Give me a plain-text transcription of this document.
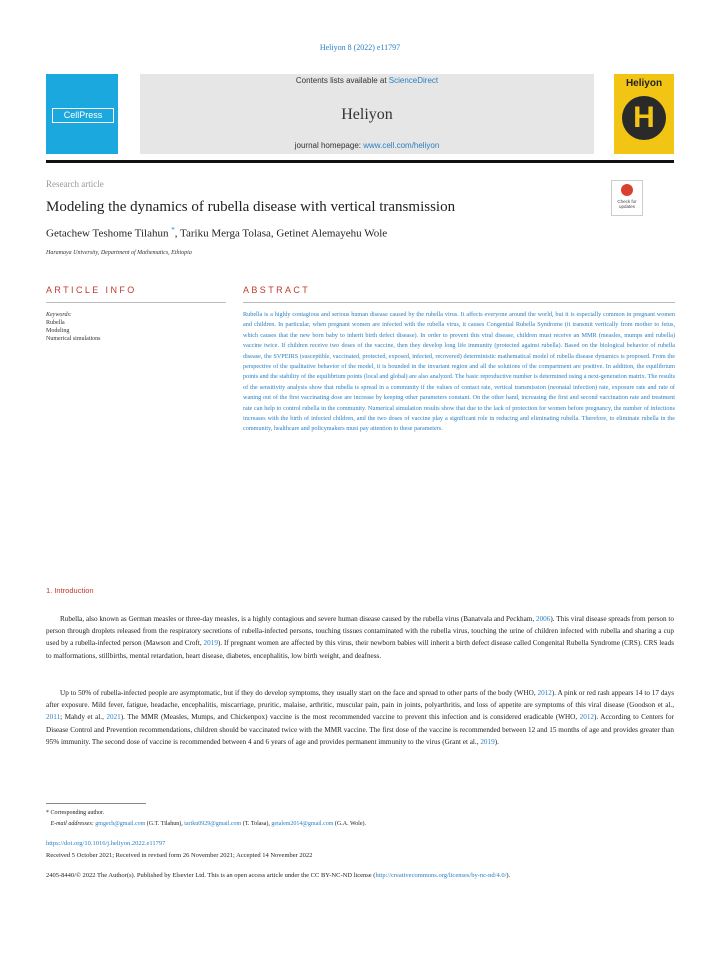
Heliyon 8 (2022) e11797
CellPress
Contents lists available at ScienceDirect
Heliyon
journal homepage: www.cell.com/heliyon
Heliyon
H
Research article
Modeling the dynamics of rubella disease with vertical transmission	Check for updates
Getachew Teshome Tilahun *, Tariku Merga Tolasa, Getinet Alemayehu Wole
Haramaya University, Department of Mathematics, Ethiopia
ARTICLE INFO	ABSTRACT
Keywords:
Rubella
Modeling
Numerical simulations

Rubella is a highly contagious and serious human disease caused by the rubella virus. It affects everyone around the world, but it is especially common in pregnant women and children. In particular, when pregnant women are infected with the rubella virus, it causes Congenital Rubella Syndrome (it transmit vertically from mother to fetus, which causes that the new born baby to inherit birth defect disease). In order to prevent this viral disease, children must receive an MMR (measles, mumps and rubella) vaccine twice. If children receive two doses of the vaccine, then they develop long life immunity (protected against rubella). Based on the biological behavior of rubella disease, the SVPEIRS (susceptible, vaccinated, protected, exposed, infected, recovered) deterministic mathematical model of rubella disease dynamics is proposed. From the perspective of the qualitative behavior of the model, it is bounded in the invariant region and all the solutions of the compartment are positive. In addition, the equilibrium points and the stability of the equilibrium points (local and global) are also analyzed. The basic reproductive number is determined using a next-generation matrix. The results of the sensitivity analysis show that rubella is spread in a community if the values of contact rate, vertical transmission (neonatal infection) rate, exposure rate and rate of waning out of the first vaccinating dose are increase by keeping other parameters constant. On the other hand, increasing the first and second vaccination rate and treatment rate can help to control rubella in the community. Numerical simulation results show that due to the lack of protection for women before pregnancy, the number of infections increases with the birth of infected children, and the two doses of vaccine play a significant role in reducing and eliminating rubella. Therefore, to eliminate rubella in the community, healthcare and policymakers must pay attention to these parameters.

1. Introduction

Rubella, also known as German measles or three-day measles, is a highly contagious and severe human disease caused by the rubella virus (Banatvala and Peckham, 2006). This viral disease spreads from person to person through droplets released from the respiratory secretions of rubella-infected persons, touching tissues contaminated with the rubella virus, touching the urine of children infected with rubella and sharing a cup used by a rubella-infected person (Mawson and Croft, 2019). If pregnant women are affected by this virus, their newborn babies will inherit a birth defect disease called Congenital Rubella Syndrome (CRS). CRS leads to malformations, stillbirths, mental retardation, heart disease, diabetes, encephalitis, low birth weight, and deafness.

Up to 50% of rubella-infected people are asymptomatic, but if they do develop symptoms, they usually start on the face and spread to other parts of the body (WHO, 2012). A pink or red rash appears 14 to 17 days after exposure. Mild fever, fatigue, headache, encephalitis, miscarriage, pruritic, malaise, arthritic, muscular pain, pain in joints, polyarthritis, and loss of appetite are symptoms of this viral disease (Goodson et al., 2011; Mahdy et al., 2021). The MMR (Measles, Mumps, and Chickenpox) vaccine is the most recommended vaccine to prevent this infection and is considered eradicable (WHO, 2012). According to Centers for Disease Control and Prevention recommendations, children should be vaccinated twice with the MMR vaccine. The first dose of the vaccine is recommended between 12 and 15 months of age and provides greater than 95% immunity. The second dose of vaccine is recommended between 4 and 6 years of age and provides permanent immunity to the virus (Grant et al., 2019).

* Corresponding author.
E-mail addresses: gmgech@gmail.com (G.T. Tilahun), tariku0929@gmail.com (T. Tolasa), getalem2014@gmail.com (G.A. Wole).
https://doi.org/10.1016/j.heliyon.2022.e11797
Received 5 October 2021; Received in revised form 26 November 2021; Accepted 14 November 2022

2405-8440/© 2022 The Author(s). Published by Elsevier Ltd. This is an open access article under the CC BY-NC-ND license (http://creativecommons.org/licenses/by-nc-nd/4.0/).
